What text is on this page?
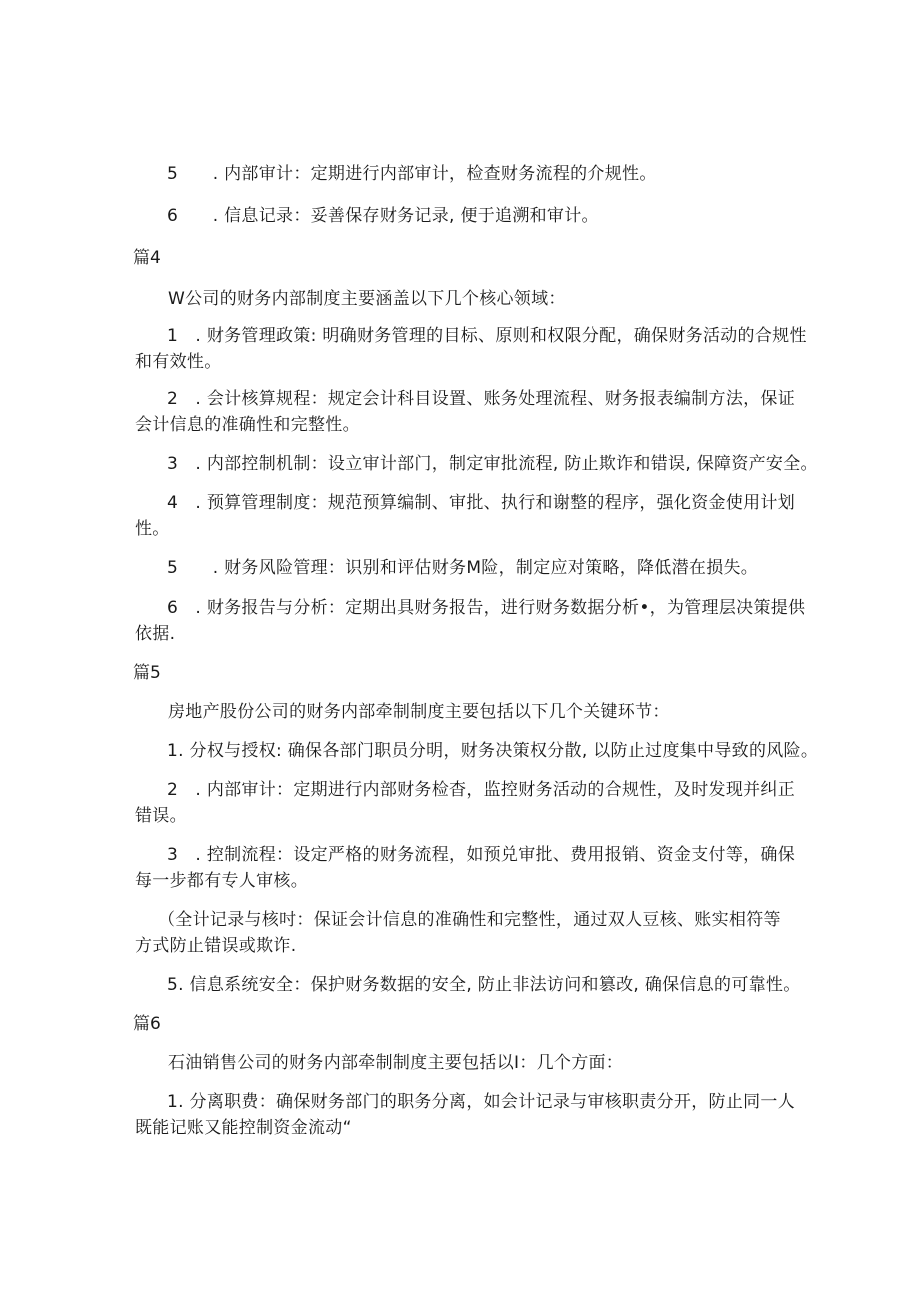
5　　. 内部审计：定期进行内部审计，检查财务流程的介规性。
6　　. 信息记录：妥善保存财务记录, 便于追溯和审计。
篇4
W公司的财务内部制度主要涵盖以下几个核心领域：
1　. 财务管理政策: 明确财务管理的目标、原则和权限分配，确保财务活动的合规性
和有效性。
2　. 会计核算规程：规定会计科目设置、账务处理流程、财务报表编制方法，保证
会计信息的准确性和完整性。
3　. 内部控制机制：设立审计部门，制定审批流程, 防止欺诈和错误, 保障资产安全。
4　. 预算管理制度：规范预算编制、审批、执行和谢整的程序，强化资金使用计划
性。
5　　. 财务风险管理：识别和评估财务M险，制定应对策略，降低潜在损失。
6　. 财务报告与分析：定期出具财务报告，进行财务数据分析•，为管理层决策提供
依据.
篇5
房地产股份公司的财务内部牵制制度主要包括以下几个关键环节：
1. 分权与授权: 确保各部门职员分明，财务决策权分散, 以防止过度集中导致的风险。
2　. 内部审计：定期进行内部财务检杳，监控财务活动的合规性，及时发现并纠正
错误。
3　. 控制流程：设定严格的财务流程，如预兑审批、费用报销、资金支付等，确保
每一步都有专人审核。
（全计记录与核吋：保证会计信息的准确性和完整性，通过双人豆核、账实相符等
方式防止错误或欺诈.
5. 信息系统安全：保护财务数据的安全, 防止非法访问和篡改, 确保信息的可靠性。
篇6
石油销售公司的财务内部牵制制度主要包括以I：几个方面：
1. 分离职费：确保财务部门的职务分离，如会计记录与审核职责分开，防止同一人
既能记账又能控制资金流动“
